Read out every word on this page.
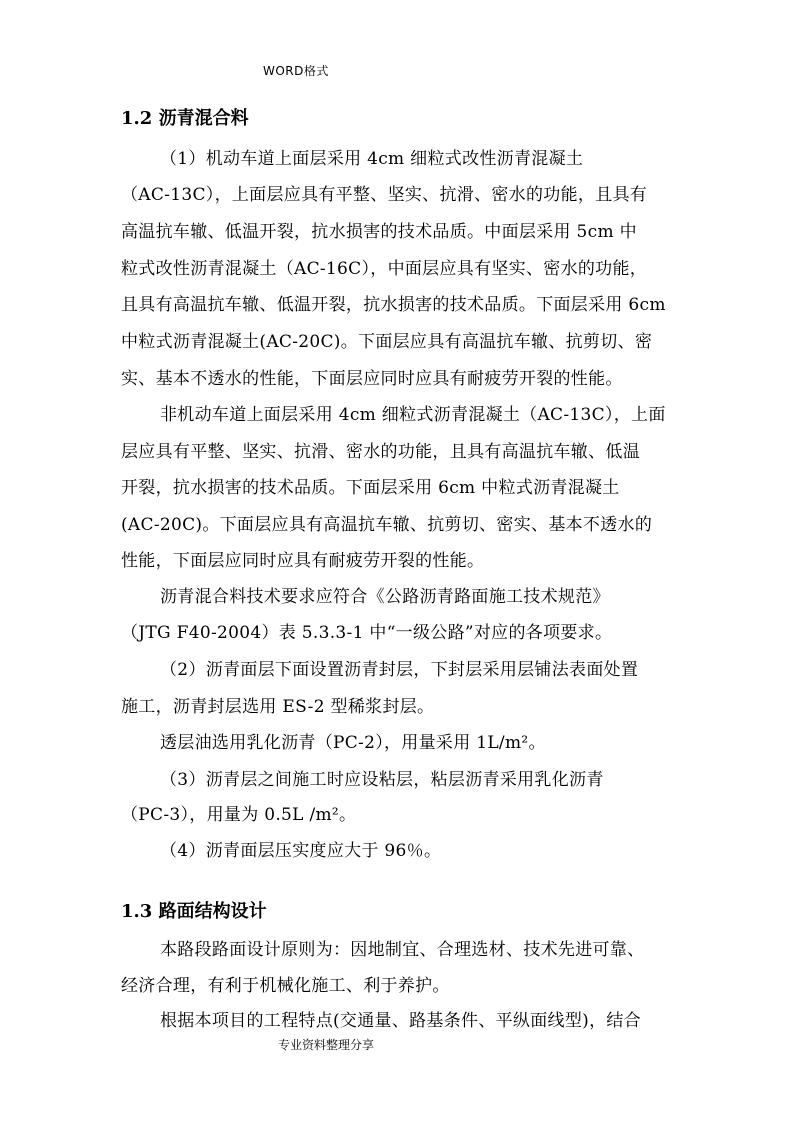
WORD格式
1.2 沥青混合料
（1）机动车道上面层采用 4cm 细粒式改性沥青混凝土
（AC-13C），上面层应具有平整、坚实、抗滑、密水的功能，且具有
高温抗车辙、低温开裂，抗水损害的技术品质。中面层采用 5cm 中
粒式改性沥青混凝土（AC-16C），中面层应具有坚实、密水的功能，
且具有高温抗车辙、低温开裂，抗水损害的技术品质。下面层采用 6cm
中粒式沥青混凝土(AC-20C)。下面层应具有高温抗车辙、抗剪切、密
实、基本不透水的性能，下面层应同时应具有耐疲劳开裂的性能。
非机动车道上面层采用 4cm 细粒式沥青混凝土（AC-13C），上面
层应具有平整、坚实、抗滑、密水的功能，且具有高温抗车辙、低温
开裂，抗水损害的技术品质。下面层采用 6cm 中粒式沥青混凝土
(AC-20C)。下面层应具有高温抗车辙、抗剪切、密实、基本不透水的
性能，下面层应同时应具有耐疲劳开裂的性能。
沥青混合料技术要求应符合《公路沥青路面施工技术规范》
（JTG F40-2004）表 5.3.3-1 中“一级公路”对应的各项要求。
（2）沥青面层下面设置沥青封层，下封层采用层铺法表面处置
施工，沥青封层选用 ES-2 型稀浆封层。
透层油选用乳化沥青（PC-2），用量采用 1L/m²。
（3）沥青层之间施工时应设粘层，粘层沥青采用乳化沥青
（PC-3），用量为 0.5L /m²。
（4）沥青面层压实度应大于 96％。
1.3 路面结构设计
本路段路面设计原则为：因地制宜、合理选材、技术先进可靠、
经济合理，有利于机械化施工、利于养护。
根据本项目的工程特点(交通量、路基条件、平纵面线型)，结合
专业资料整理分享
